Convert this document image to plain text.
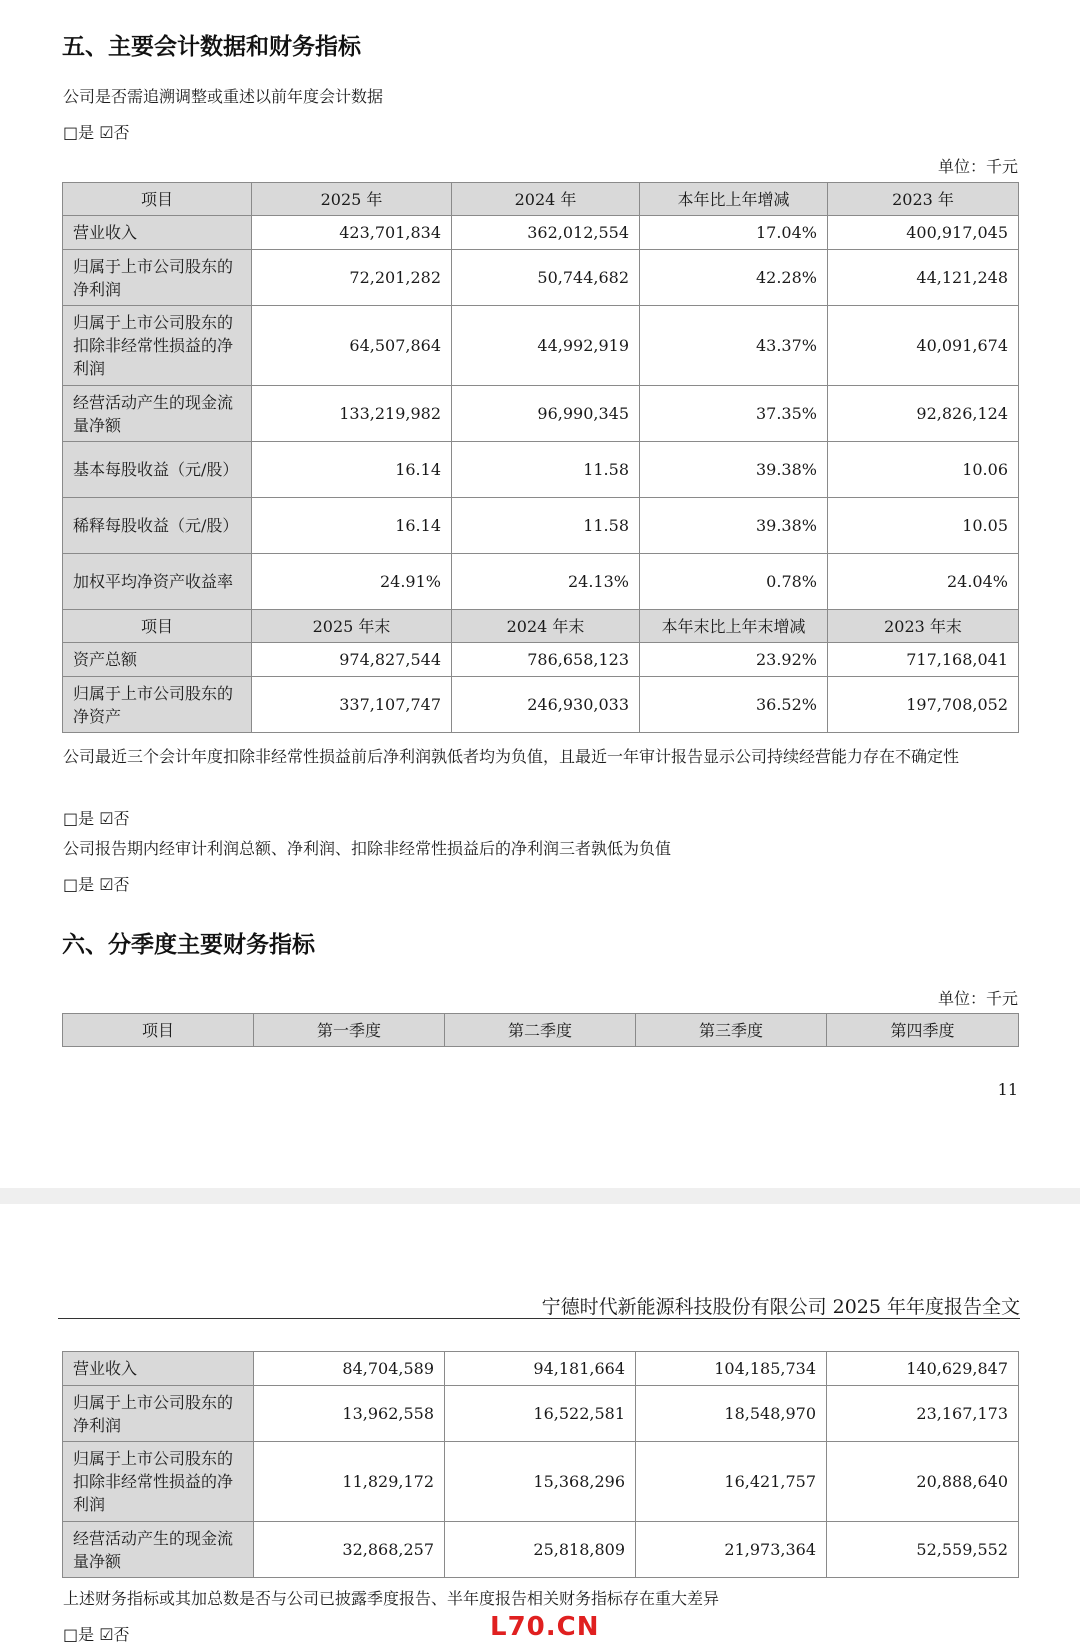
五、主要会计数据和财务指标

公司是否需追溯调整或重述以前年度会计数据

□是 ☑否
单位：千元
项目	2025 年	2024 年	本年比上年增减	2023 年
营业收入	423,701,834	362,012,554	17.04%	400,917,045
归属于上市公司股东的净利润	72,201,282	50,744,682	42.28%	44,121,248
归属于上市公司股东的扣除非经常性损益的净利润	64,507,864	44,992,919	43.37%	40,091,674
经营活动产生的现金流量净额	133,219,982	96,990,345	37.35%	92,826,124
基本每股收益（元/股）	16.14	11.58	39.38%	10.06
稀释每股收益（元/股）	16.14	11.58	39.38%	10.05
加权平均净资产收益率	24.91%	24.13%	0.78%	24.04%
项目	2025 年末	2024 年末	本年末比上年末增减	2023 年末
资产总额	974,827,544	786,658,123	23.92%	717,168,041
归属于上市公司股东的净资产	337,107,747	246,930,033	36.52%	197,708,052

公司最近三个会计年度扣除非经常性损益前后净利润孰低者均为负值，且最近一年审计报告显示公司持续经营能力存在不确定性

□是 ☑否

公司报告期内经审计利润总额、净利润、扣除非经常性损益后的净利润三者孰低为负值

□是 ☑否
六、分季度主要财务指标
单位：千元
项目	第一季度	第二季度	第三季度	第四季度
11
宁德时代新能源科技股份有限公司 2025 年年度报告全文
营业收入	84,704,589	94,181,664	104,185,734	140,629,847
归属于上市公司股东的净利润	13,962,558	16,522,581	18,548,970	23,167,173
归属于上市公司股东的扣除非经常性损益的净利润	11,829,172	15,368,296	16,421,757	20,888,640
经营活动产生的现金流量净额	32,868,257	25,818,809	21,973,364	52,559,552

上述财务指标或其加总数是否与公司已披露季度报告、半年度报告相关财务指标存在重大差异

□是 ☑否	L70.CN
